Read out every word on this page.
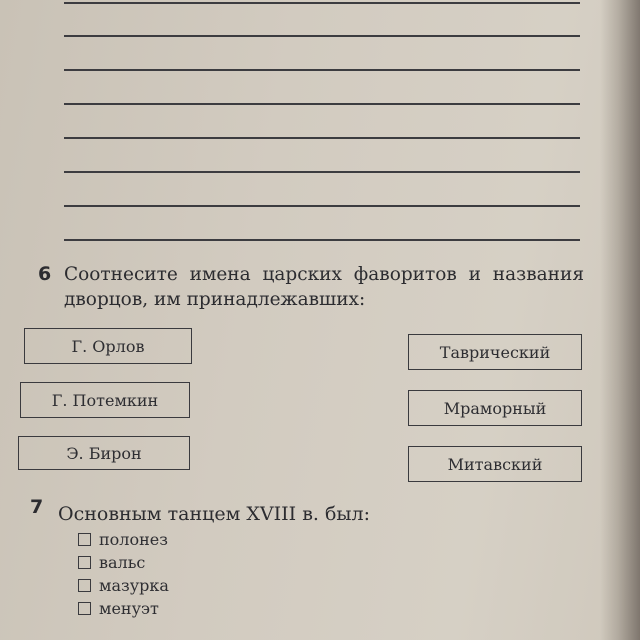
6 Соотнесите имена царских фаворитов и названия
дворцов, им принадлежавших:
Г. Орлов
Г. Потемкин
Э. Бирон
Таврический
Мраморный
Митавский
7 Основным танцем XVIII в. был:
полонез
вальс
мазурка
менуэт
